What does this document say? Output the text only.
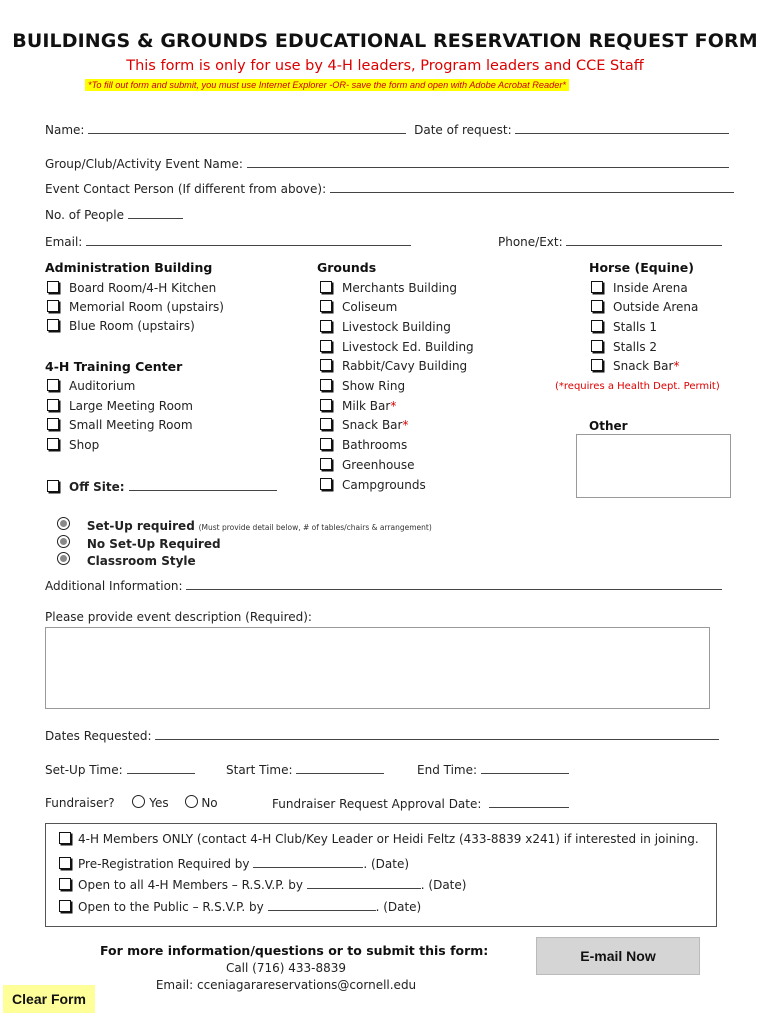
BUILDINGS & GROUNDS EDUCATIONAL RESERVATION REQUEST FORM
This form is only for use by 4-H leaders, Program leaders and CCE Staff
*To fill out form and submit, you must use Internet Explorer -OR- save the form and open with Adobe Acrobat Reader*
Name:	Date of request:
Group/Club/Activity Event Name:
Event Contact Person (If different from above):
No. of People
Email:	Phone/Ext:
Administration Building
Board Room/4-H Kitchen
Memorial Room (upstairs)
Blue Room (upstairs)
4-H Training Center
Auditorium
Large Meeting Room
Small Meeting Room
Shop
Off Site:
Grounds
Merchants Building
Coliseum
Livestock Building
Livestock Ed. Building
Rabbit/Cavy Building
Show Ring
Milk Bar*
Snack Bar*
Bathrooms
Greenhouse
Campgrounds
Horse (Equine)
Inside Arena
Outside Arena
Stalls 1
Stalls 2
Snack Bar*
(*requires a Health Dept. Permit)
Other
Set-Up required (Must provide detail below, # of tables/chairs & arrangement)
No Set-Up Required
Classroom Style
Additional Information:
Please provide event description (Required):
Dates Requested:
Set-Up Time:	Start Time:	End Time:
Fundraiser?	Yes	No	Fundraiser Request Approval Date:
4-H Members ONLY (contact 4-H Club/Key Leader or Heidi Feltz (433-8839 x241) if interested in joining.
Pre-Registration Required by	. (Date)
Open to all 4-H Members – R.S.V.P. by	. (Date)
Open to the Public – R.S.V.P. by	. (Date)
For more information/questions or to submit this form:
Call (716) 433-8839
Email: cceniagarareservations@cornell.edu
E-mail Now
Clear Form
